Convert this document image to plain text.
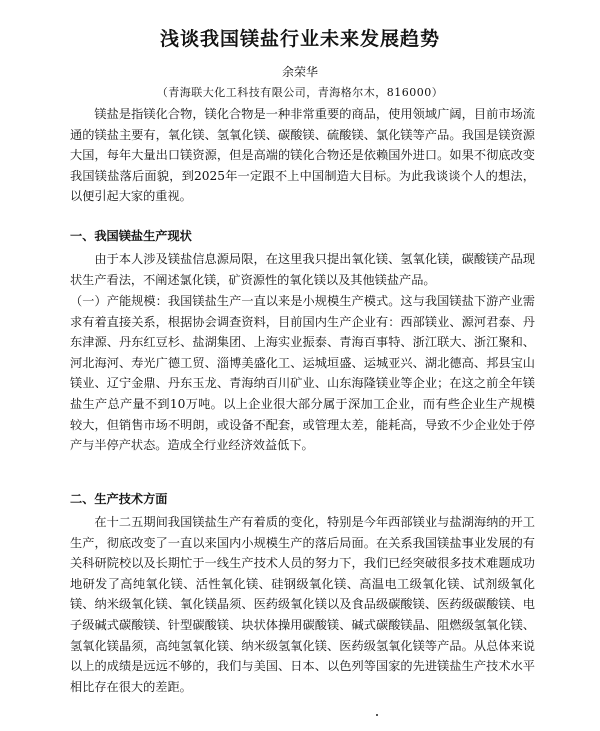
浅谈我国镁盐行业未来发展趋势
余荣华
（青海联大化工科技有限公司，青海格尔木，816000）

镁盐是指镁化合物，镁化合物是一种非常重要的商品，使用领域广阔，目前市场流通的镁盐主要有，氧化镁、氢氧化镁、碳酸镁、硫酸镁、氯化镁等产品。我国是镁资源大国，每年大量出口镁资源，但是高端的镁化合物还是依赖国外进口。如果不彻底改变我国镁盐落后面貌，到2025年一定跟不上中国制造大目标。为此我谈谈个人的想法，以便引起大家的重视。

一、我国镁盐生产现状

由于本人涉及镁盐信息源局限，在这里我只提出氧化镁、氢氧化镁，碳酸镁产品现状生产看法，不阐述氯化镁，矿资源性的氧化镁以及其他镁盐产品。

（一）产能规模：我国镁盐生产一直以来是小规模生产模式。这与我国镁盐下游产业需求有着直接关系，根据协会调查资料，目前国内生产企业有：西部镁业、源河君泰、丹东津源、丹东红豆杉、盐湖集团、上海实业振泰、青海百事特、浙江联大、浙江聚和、河北海河、寿光广德工贸、淄博美盛化工、运城垣盛、运城亚兴、湖北德高、邦县宝山镁业、辽宁金鼎、丹东玉龙、青海纳百川矿业、山东海隆镁业等企业；在这之前全年镁盐生产总产量不到10万吨。以上企业很大部分属于深加工企业，而有些企业生产规模较大，但销售市场不明朗，或设备不配套，或管理太差，能耗高，导致不少企业处于停产与半停产状态。造成全行业经济效益低下。

二、生产技术方面

在十二五期间我国镁盐生产有着质的变化，特别是今年西部镁业与盐湖海纳的开工生产，彻底改变了一直以来国内小规模生产的落后局面。在关系我国镁盐事业发展的有关科研院校以及长期忙于一线生产技术人员的努力下，我们已经突破很多技术难题成功地研发了高纯氧化镁、活性氧化镁、硅钢级氧化镁、高温电工级氧化镁、试剂级氧化镁、纳米级氧化镁、氧化镁晶须、医药级氧化镁以及食品级碳酸镁、医药级碳酸镁、电子级碱式碳酸镁、针型碳酸镁、块状体操用碳酸镁、碱式碳酸镁晶、阻燃级氢氧化镁、氢氧化镁晶须，高纯氢氧化镁、纳米级氢氧化镁、医药级氢氧化镁等产品。从总体来说以上的成绩是远远不够的，我们与美国、日本、以色列等国家的先进镁盐生产技术水平相比存在很大的差距。
